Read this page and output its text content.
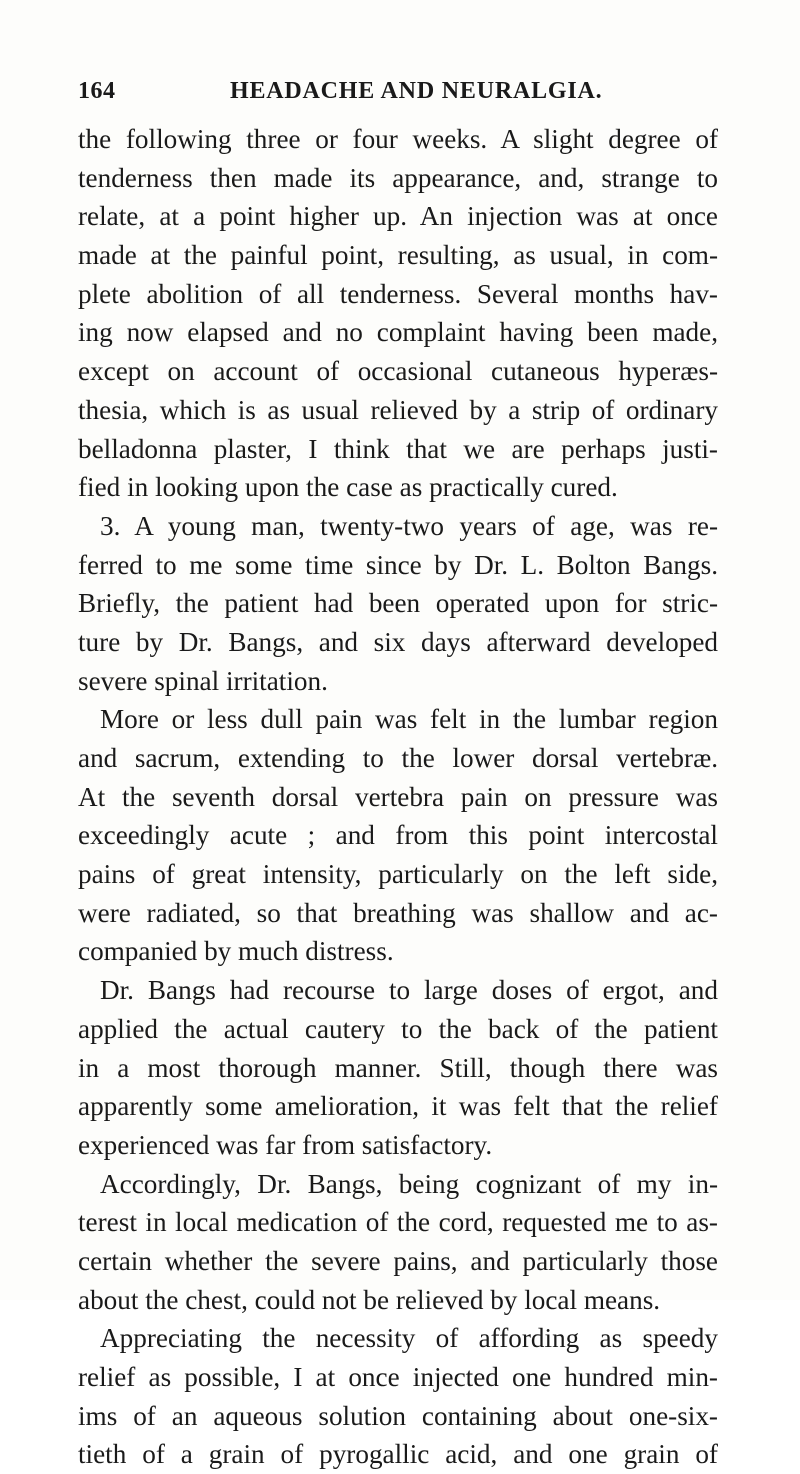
164	HEADACHE AND NEURALGIA.
the following three or four weeks. A slight degree of
tenderness then made its appearance, and, strange to
relate, at a point higher up. An injection was at once
made at the painful point, resulting, as usual, in com-
plete abolition of all tenderness. Several months hav-
ing now elapsed and no complaint having been made,
except on account of occasional cutaneous hyperæs-
thesia, which is as usual relieved by a strip of ordinary
belladonna plaster, I think that we are perhaps justi-
fied in looking upon the case as practically cured.
3. A young man, twenty-two years of age, was re-
ferred to me some time since by Dr. L. Bolton Bangs.
Briefly, the patient had been operated upon for stric-
ture by Dr. Bangs, and six days afterward developed
severe spinal irritation.
More or less dull pain was felt in the lumbar region
and sacrum, extending to the lower dorsal vertebræ.
At the seventh dorsal vertebra pain on pressure was
exceedingly acute ; and from this point intercostal
pains of great intensity, particularly on the left side,
were radiated, so that breathing was shallow and ac-
companied by much distress.
Dr. Bangs had recourse to large doses of ergot, and
applied the actual cautery to the back of the patient
in a most thorough manner. Still, though there was
apparently some amelioration, it was felt that the relief
experienced was far from satisfactory.
Accordingly, Dr. Bangs, being cognizant of my in-
terest in local medication of the cord, requested me to as-
certain whether the severe pains, and particularly those
about the chest, could not be relieved by local means.
Appreciating the necessity of affording as speedy
relief as possible, I at once injected one hundred min-
ims of an aqueous solution containing about one-six-
tieth of a grain of pyrogallic acid, and one grain of
